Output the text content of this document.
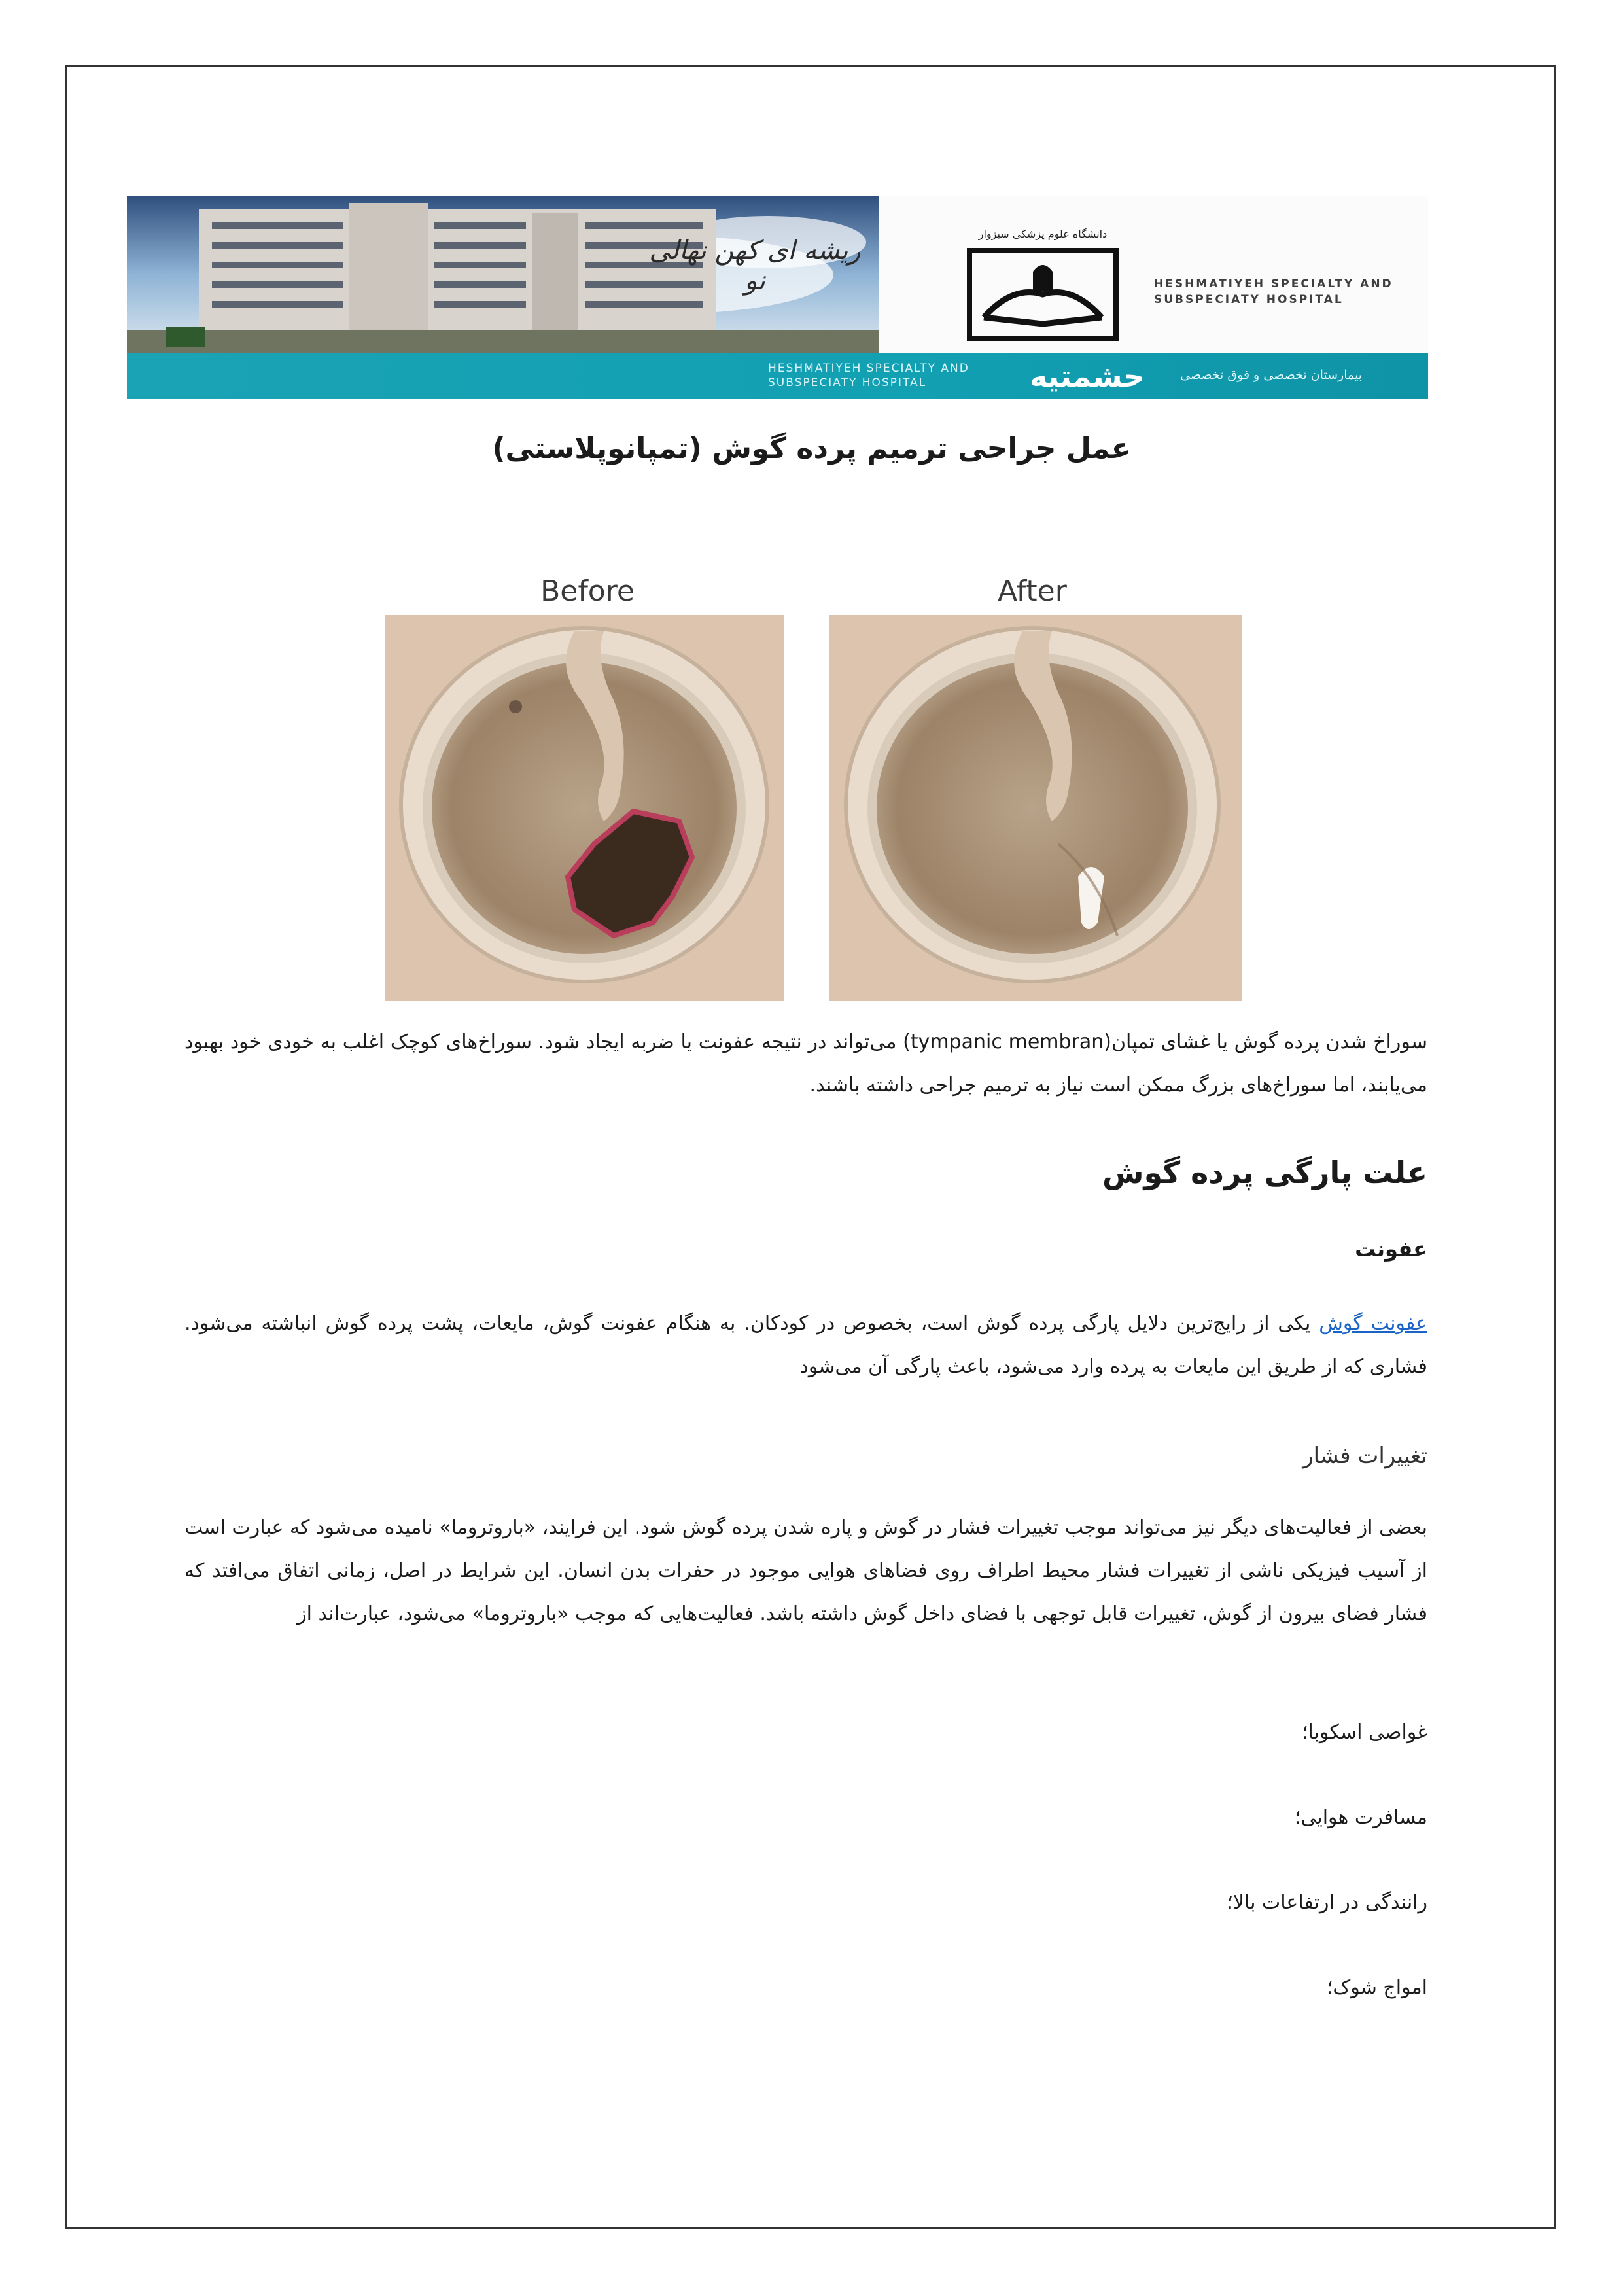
ریشه ای کهن نهالی نو
دانشگاه علوم پزشکی سبزوار
HESHMATIYEH SPECIALTY AND SUBSPECIATY HOSPITAL
HESHMATIYEH SPECIALTY AND SUBSPECIATY HOSPITAL	حشمتیه	بیمارستان تخصصی و فوق تخصصی
عمل جراحی ترمیم پرده گوش (تمپانوپلاستی)
Before	After

سوراخ شدن پرده گوش یا غشای تمپان(tympanic membran) می‌تواند در نتیجه عفونت یا ضربه ایجاد شود. سوراخ‌های کوچک اغلب به خودی خود بهبود می‌یابند، اما سوراخ‌های بزرگ ممکن است نیاز به ترمیم جراحی داشته باشند.

علت پارگی پرده گوش
عفونت

عفونت گوش یکی از رایج‌ترین دلایل پارگی پرده گوش است، بخصوص در کودکان. به هنگام عفونت گوش، مایعات، پشت پرده گوش انباشته می‌شود. فشاری که از طریق این مایعات به پرده وارد می‌شود، باعث پارگی آن می‌شود

تغییرات فشار

بعضی از فعالیت‌های دیگر نیز می‌تواند موجب تغییرات فشار در گوش و پاره شدن پرده گوش شود. این فرایند، «باروتروما» نامیده می‌شود که عبارت است از آسیب فیزیکی ناشی از تغییرات فشار محیط اطراف روی فضاهای هوایی موجود در حفرات بدن انسان. این شرایط در اصل، زمانی اتفاق می‌افتد که فشار فضای بیرون از گوش، تغییرات قابل توجهی با فضای داخل گوش داشته باشد. فعالیت‌هایی که موجب «باروتروما» می‌شود، عبارت‌اند از

غواصی اسکوبا؛

مسافرت هوایی؛

رانندگی در ارتفاعات بالا؛

امواج شوک؛
